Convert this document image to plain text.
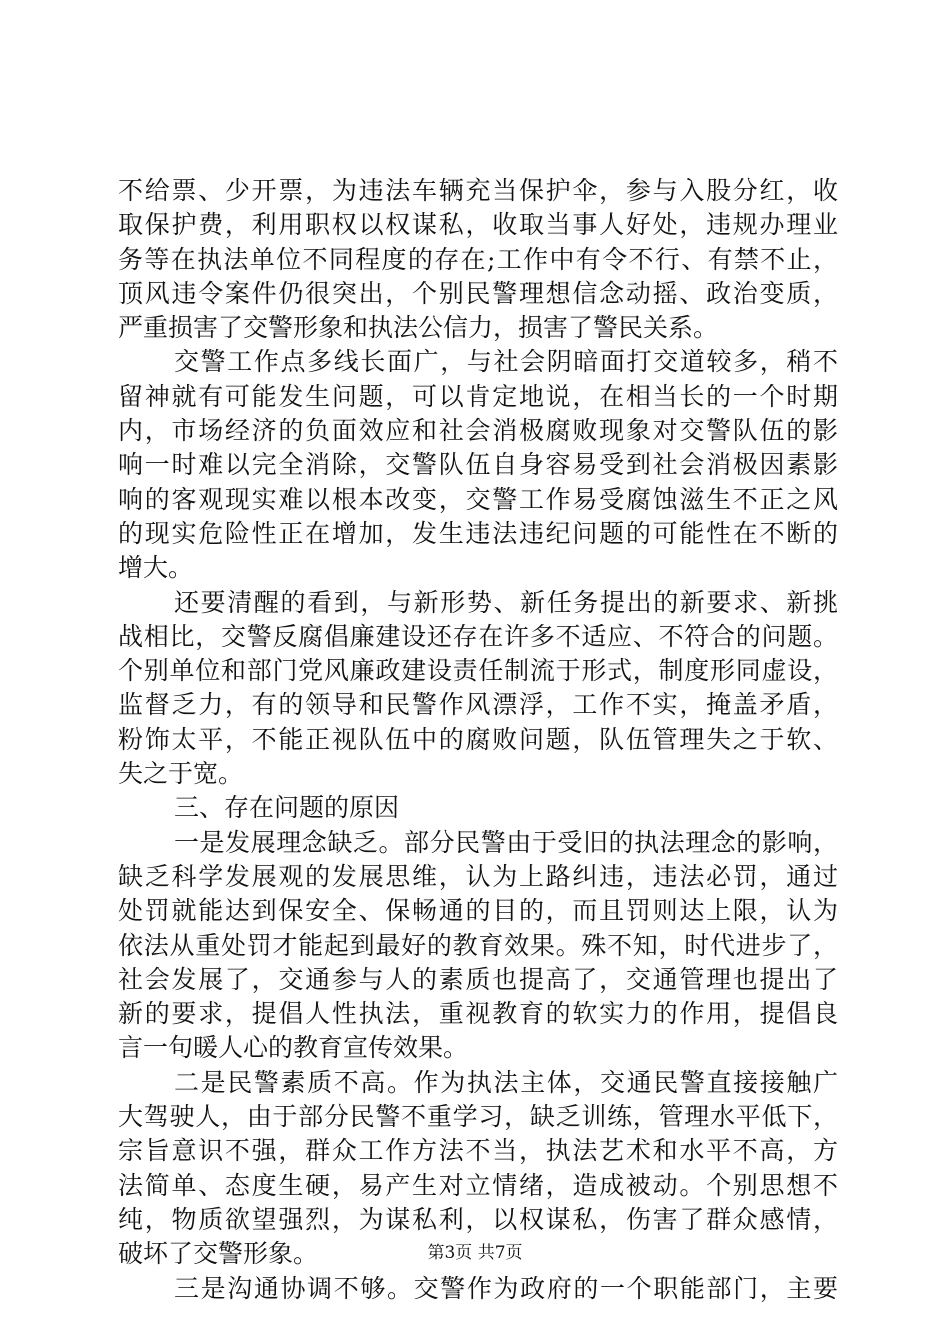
不给票、少开票，为违法车辆充当保护伞，参与入股分红，收
取保护费，利用职权以权谋私，收取当事人好处，违规办理业
务等在执法单位不同程度的存在;工作中有令不行、有禁不止，
顶风违令案件仍很突出，个别民警理想信念动摇、政治变质，
严重损害了交警形象和执法公信力，损害了警民关系。
交警工作点多线长面广，与社会阴暗面打交道较多，稍不
留神就有可能发生问题，可以肯定地说，在相当长的一个时期
内，市场经济的负面效应和社会消极腐败现象对交警队伍的影
响一时难以完全消除，交警队伍自身容易受到社会消极因素影
响的客观现实难以根本改变，交警工作易受腐蚀滋生不正之风
的现实危险性正在增加，发生违法违纪问题的可能性在不断的
增大。
还要清醒的看到，与新形势、新任务提出的新要求、新挑
战相比，交警反腐倡廉建设还存在许多不适应、不符合的问题。
个别单位和部门党风廉政建设责任制流于形式，制度形同虚设，
监督乏力，有的领导和民警作风漂浮，工作不实，掩盖矛盾，
粉饰太平，不能正视队伍中的腐败问题，队伍管理失之于软、
失之于宽。
三、存在问题的原因
一是发展理念缺乏。部分民警由于受旧的执法理念的影响，
缺乏科学发展观的发展思维，认为上路纠违，违法必罚，通过
处罚就能达到保安全、保畅通的目的，而且罚则达上限，认为
依法从重处罚才能起到最好的教育效果。殊不知，时代进步了，
社会发展了，交通参与人的素质也提高了，交通管理也提出了
新的要求，提倡人性执法，重视教育的软实力的作用，提倡良
言一句暖人心的教育宣传效果。
二是民警素质不高。作为执法主体，交通民警直接接触广
大驾驶人，由于部分民警不重学习，缺乏训练，管理水平低下，
宗旨意识不强，群众工作方法不当，执法艺术和水平不高，方
法简单、态度生硬，易产生对立情绪，造成被动。个别思想不
纯，物质欲望强烈，为谋私利，以权谋私，伤害了群众感情，
破坏了交警形象。
三是沟通协调不够。交警作为政府的一个职能部门，主要
第3页 共7页
